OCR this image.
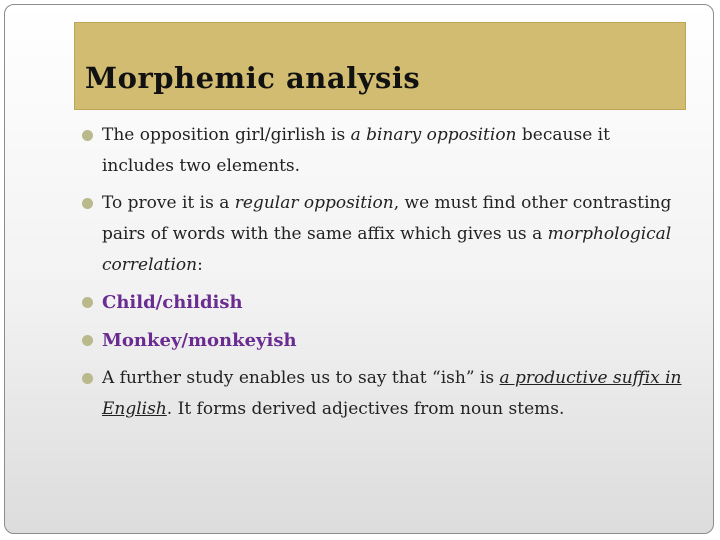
Morphemic analysis
The opposition girl/girlish is a binary opposition because it includes two elements.
To prove it is a regular opposition, we must find other contrasting pairs of words with the same affix which gives us a morphological correlation:
Child/childish
Monkey/monkeyish
A further study enables us to say that “ish” is a productive suffix in English. It forms derived adjectives from noun stems.
